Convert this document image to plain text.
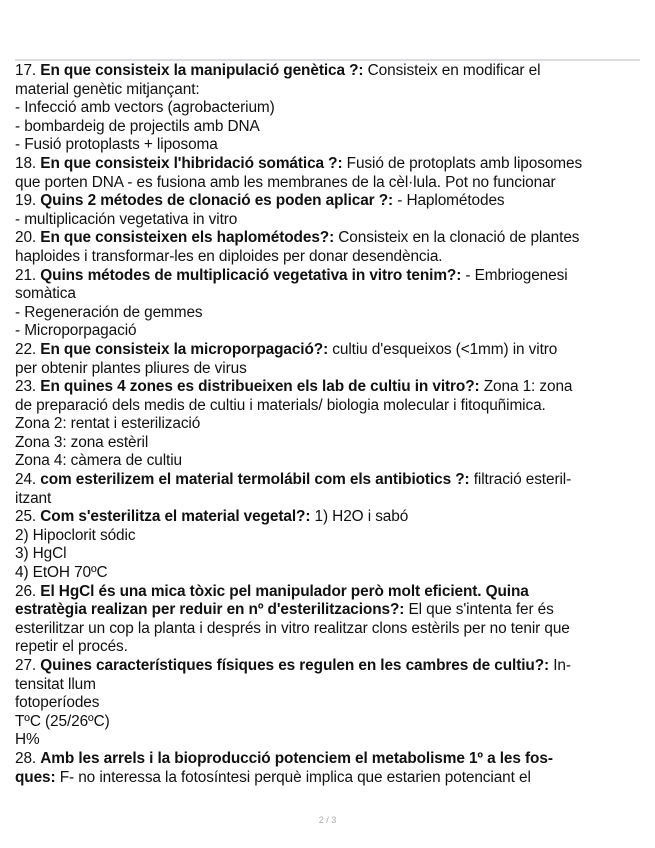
17. En que consisteix la manipulació genètica ?: Consisteix en modificar el

material genètic mitjançant:

- Infecció amb vectors (agrobacterium)

- bombardeig de projectils amb DNA

- Fusió protoplasts + liposoma

18. En que consisteix l'hibridació somática ?: Fusió de protoplats amb liposomes

que porten DNA - es fusiona amb les membranes de la cèl·lula. Pot no funcionar

19. Quins 2 métodes de clonació es poden aplicar ?: - Haplométodes

- multiplicación vegetativa in vitro

20. En que consisteixen els haplométodes?: Consisteix en la clonació de plantes

haploides i transformar-les en diploides per donar desendència.

21. Quins métodes de multiplicació vegetativa in vitro tenim?: - Embriogenesi

somàtica

- Regeneración de gemmes

- Microporpagació

22. En que consisteix la microporpagació?: cultiu d'esqueixos (<1mm) in vitro

per obtenir plantes pliures de virus

23. En quines 4 zones es distribueixen els lab de cultiu in vitro?: Zona 1: zona

de preparació dels medis de cultiu i materials/ biologia molecular i fitoquñimica.

Zona 2: rentat i esterilizació

Zona 3: zona estèril

Zona 4: càmera de cultiu

24. com esterilizem el material termolábil com els antibiotics ?: filtració esteril-

itzant

25. Com s'esterilitza el material vegetal?: 1) H2O i sabó

2) Hipoclorit sódic

3) HgCl

4) EtOH 70ºC

26. El HgCl és una mica tòxic pel manipulador però molt eficient. Quina

estratègia realizan per reduir en nº d'esterilitzacions?: El que s'intenta fer és

esterilitzar un cop la planta i després in vitro realitzar clons estèrils per no tenir que

repetir el procés.

27. Quines característiques físiques es regulen en les cambres de cultiu?: In-

tensitat llum

fotoperíodes

TºC (25/26ºC)

H%

28. Amb les arrels i la bioproducció potenciem el metabolisme 1º a les fos-

ques: F- no interessa la fotosíntesi perquè implica que estarien potenciant el

2 / 3
